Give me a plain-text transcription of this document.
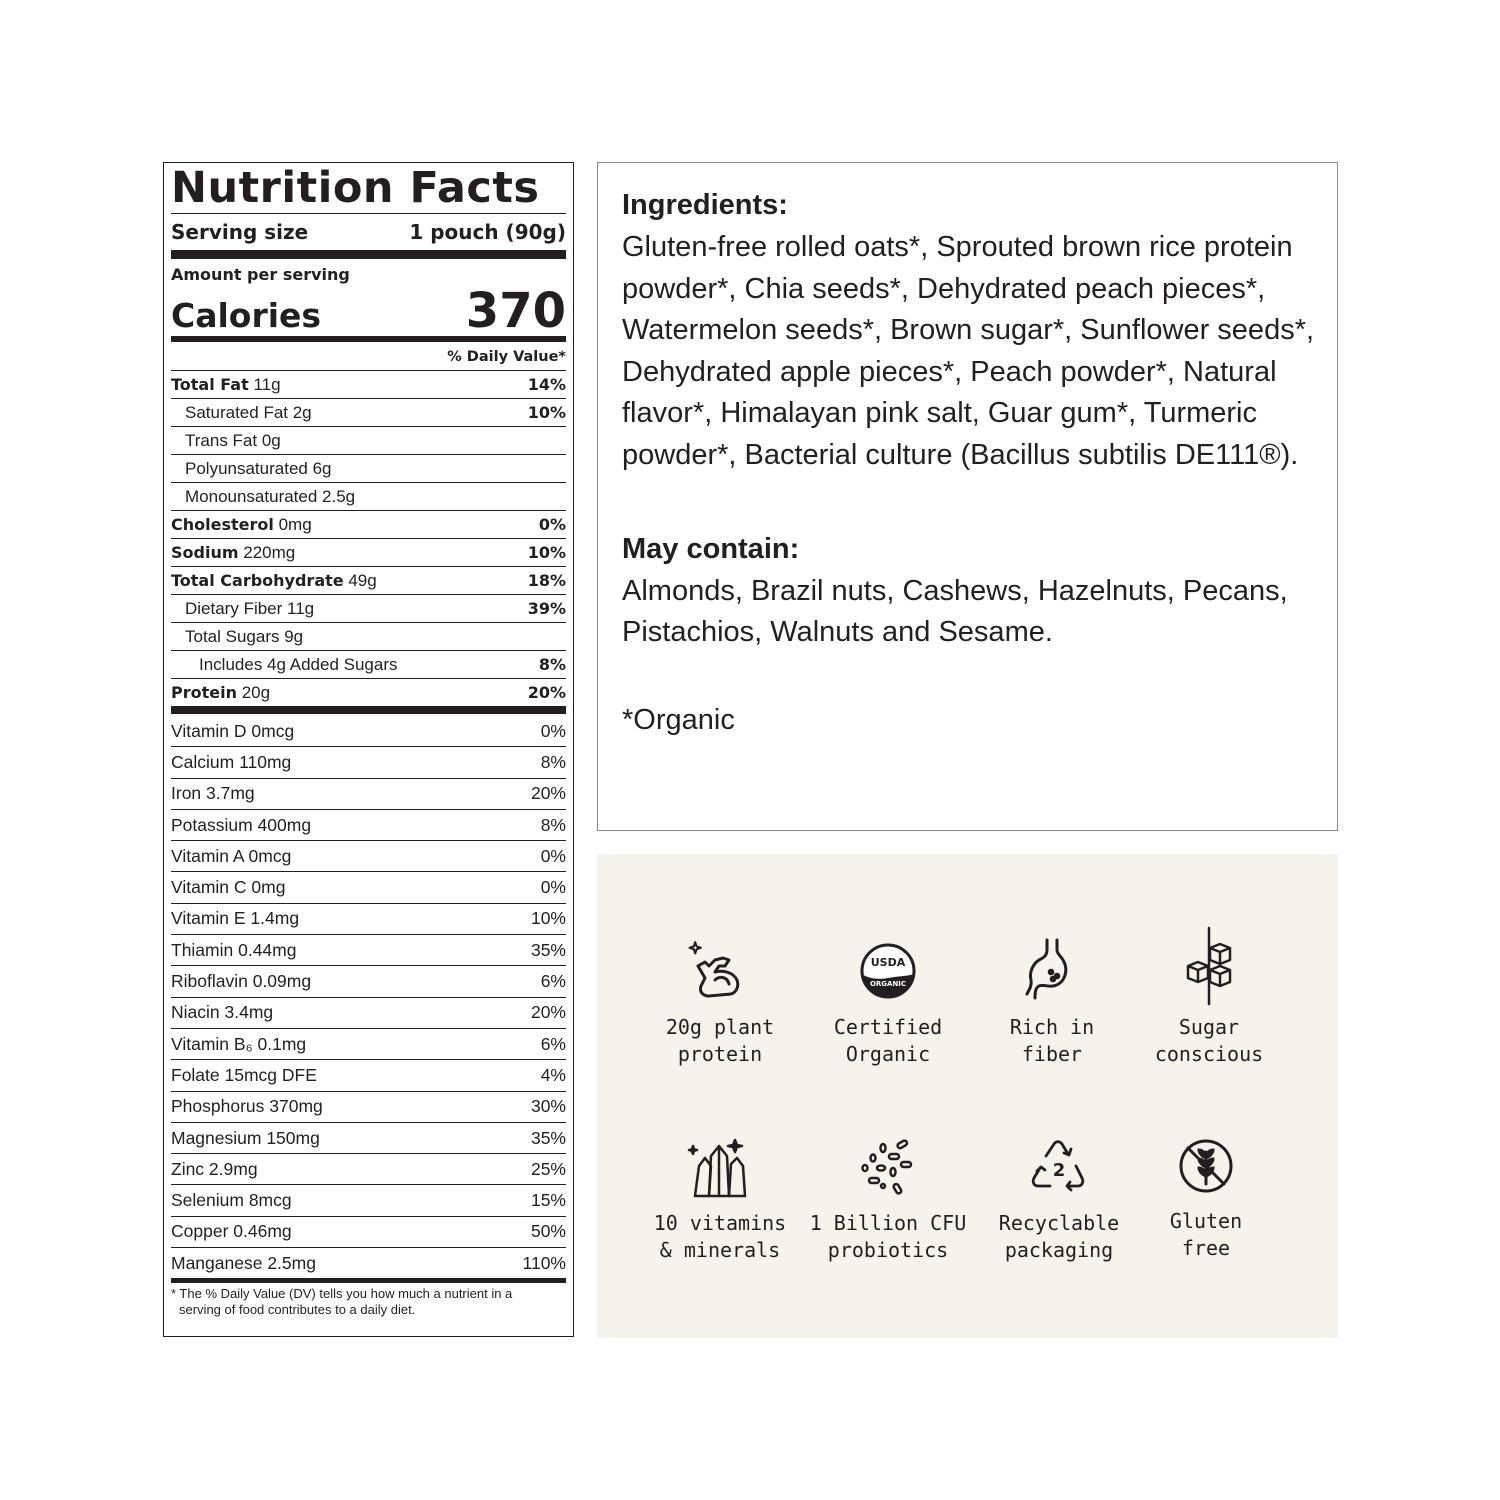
Nutrition Facts
Serving size	1 pouch (90g)
Amount per serving
Calories	370
% Daily Value*
Total Fat 11g	14%
Saturated Fat 2g	10%
Trans Fat 0g
Polyunsaturated 6g
Monounsaturated 2.5g
Cholesterol 0mg	0%
Sodium 220mg	10%
Total Carbohydrate 49g	18%
Dietary Fiber 11g	39%
Total Sugars 9g
Includes 4g Added Sugars	8%
Protein 20g	20%
Vitamin D 0mcg	0%
Calcium 110mg	8%
Iron 3.7mg	20%
Potassium 400mg	8%
Vitamin A 0mcg	0%
Vitamin C 0mg	0%
Vitamin E 1.4mg	10%
Thiamin 0.44mg	35%
Riboflavin 0.09mg	6%
Niacin 3.4mg	20%
Vitamin B₆ 0.1mg	6%
Folate 15mcg DFE	4%
Phosphorus 370mg	30%
Magnesium 150mg	35%
Zinc 2.9mg	25%
Selenium 8mcg	15%
Copper 0.46mg	50%
Manganese 2.5mg	110%
* The % Daily Value (DV) tells you how much a nutrient in a
serving of food contributes to a daily diet.
Ingredients:

Gluten-free rolled oats*, Sprouted brown rice protein powder*, Chia seeds*, Dehydrated peach pieces*, Watermelon seeds*, Brown sugar*, Sunflower seeds*, Dehydrated apple pieces*, Peach powder*, Natural flavor*, Himalayan pink salt, Guar gum*, Turmeric powder*, Bacterial culture (Bacillus subtilis DE111®).

May contain:

Almonds, Brazil nuts, Cashews, Hazelnuts, Pecans, Pistachios, Walnuts and Sesame.

*Organic

20g plant
protein
USDA
ORGANIC
Certified
Organic
Rich in
fiber
Sugar
conscious
10 vitamins
& minerals
1 Billion CFU
probiotics
2
Recyclable
packaging
Gluten
free
